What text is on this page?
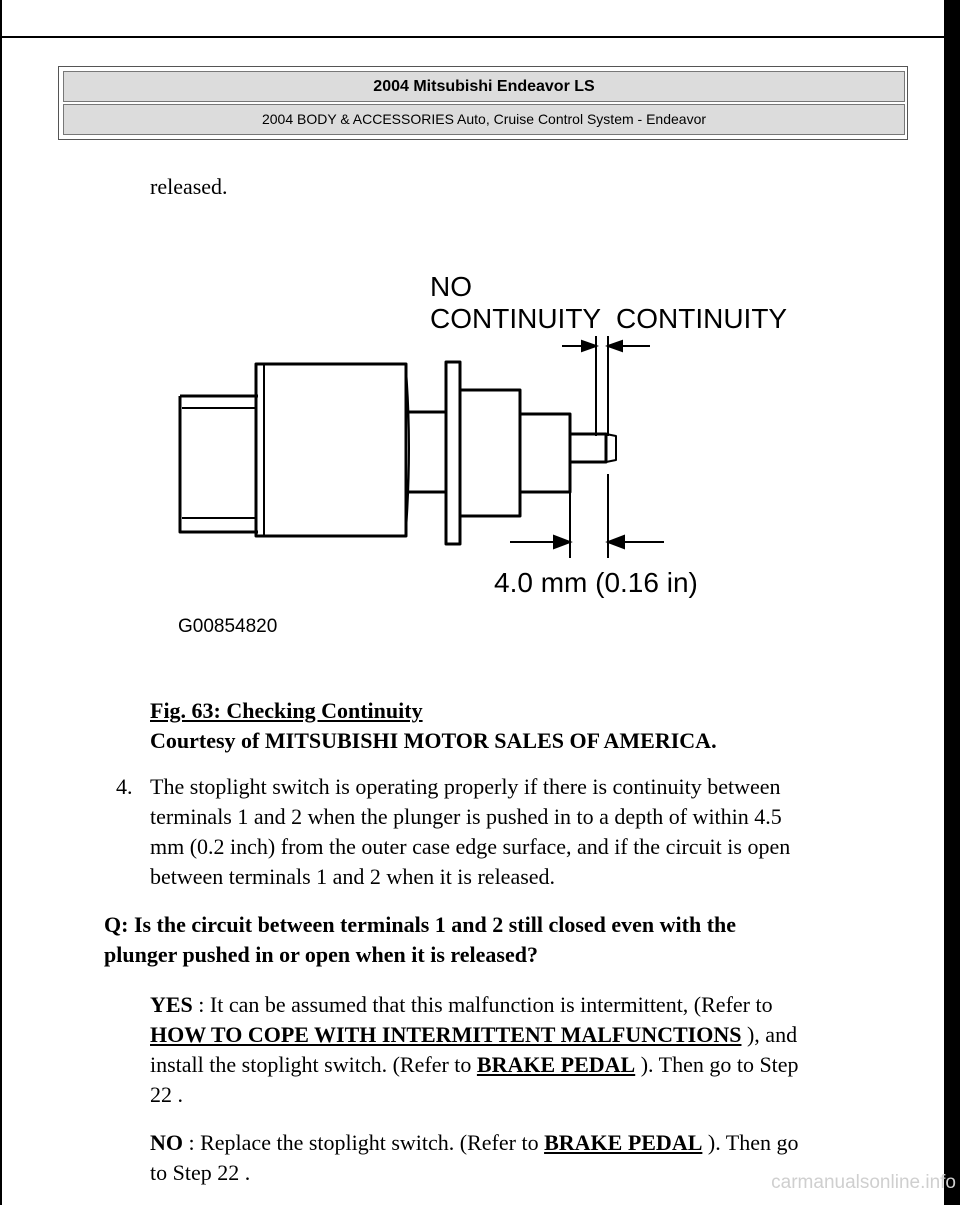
2004 Mitsubishi Endeavor LS
2004 BODY & ACCESSORIES Auto, Cruise Control System - Endeavor
released.
NO
CONTINUITY CONTINUITY
4.0 mm (0.16 in)
G00854820
Fig. 63: Checking Continuity
Courtesy of MITSUBISHI MOTOR SALES OF AMERICA.
4. The stoplight switch is operating properly if there is continuity between
terminals 1 and 2 when the plunger is pushed in to a depth of within 4.5
mm (0.2 inch) from the outer case edge surface, and if the circuit is open
between terminals 1 and 2 when it is released.
Q: Is the circuit between terminals 1 and 2 still closed even with the
plunger pushed in or open when it is released?
YES : It can be assumed that this malfunction is intermittent, (Refer to
HOW TO COPE WITH INTERMITTENT MALFUNCTIONS ), and
install the stoplight switch. (Refer to BRAKE PEDAL ). Then go to Step
22 .
NO : Replace the stoplight switch. (Refer to BRAKE PEDAL ). Then go
to Step 22 .	carmanualsonline.info
